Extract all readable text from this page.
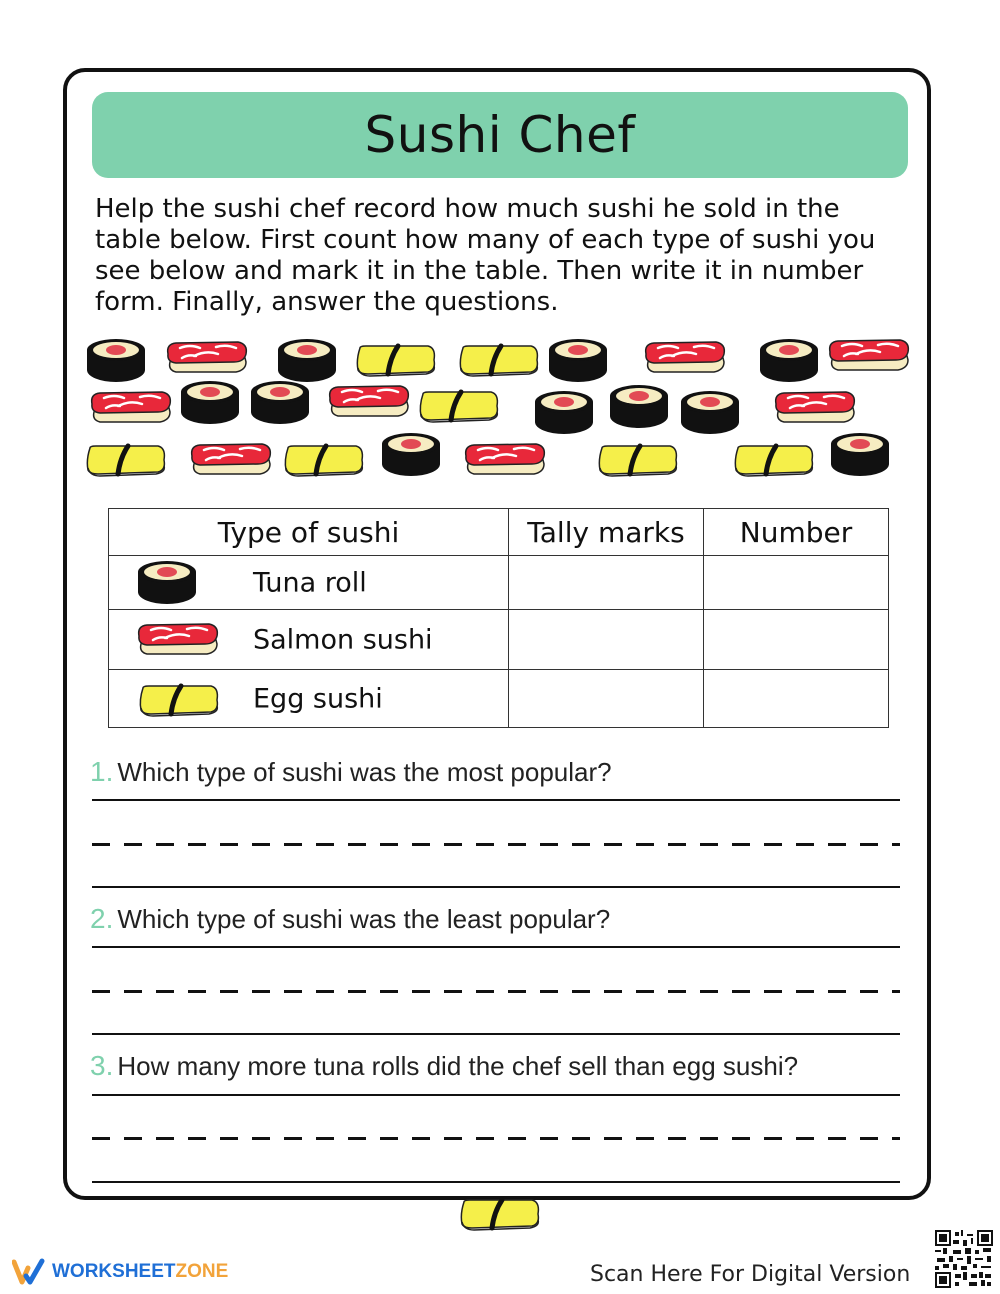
Sushi Chef
Help the sushi chef record how much sushi he sold in the table below. First count how many of each type of sushi you see below and mark it in the table. Then write it in number form. Finally, answer the questions.
Type of sushi	Tally marks	Number

Tuna roll		

Salmon sushi		

Egg sushi		

1. Which type of sushi was the most popular?
2. Which type of sushi was the least popular?
3. How many more tuna rolls did the chef sell than egg sushi?
WORKSHEETZONE	Scan Here For Digital Version
